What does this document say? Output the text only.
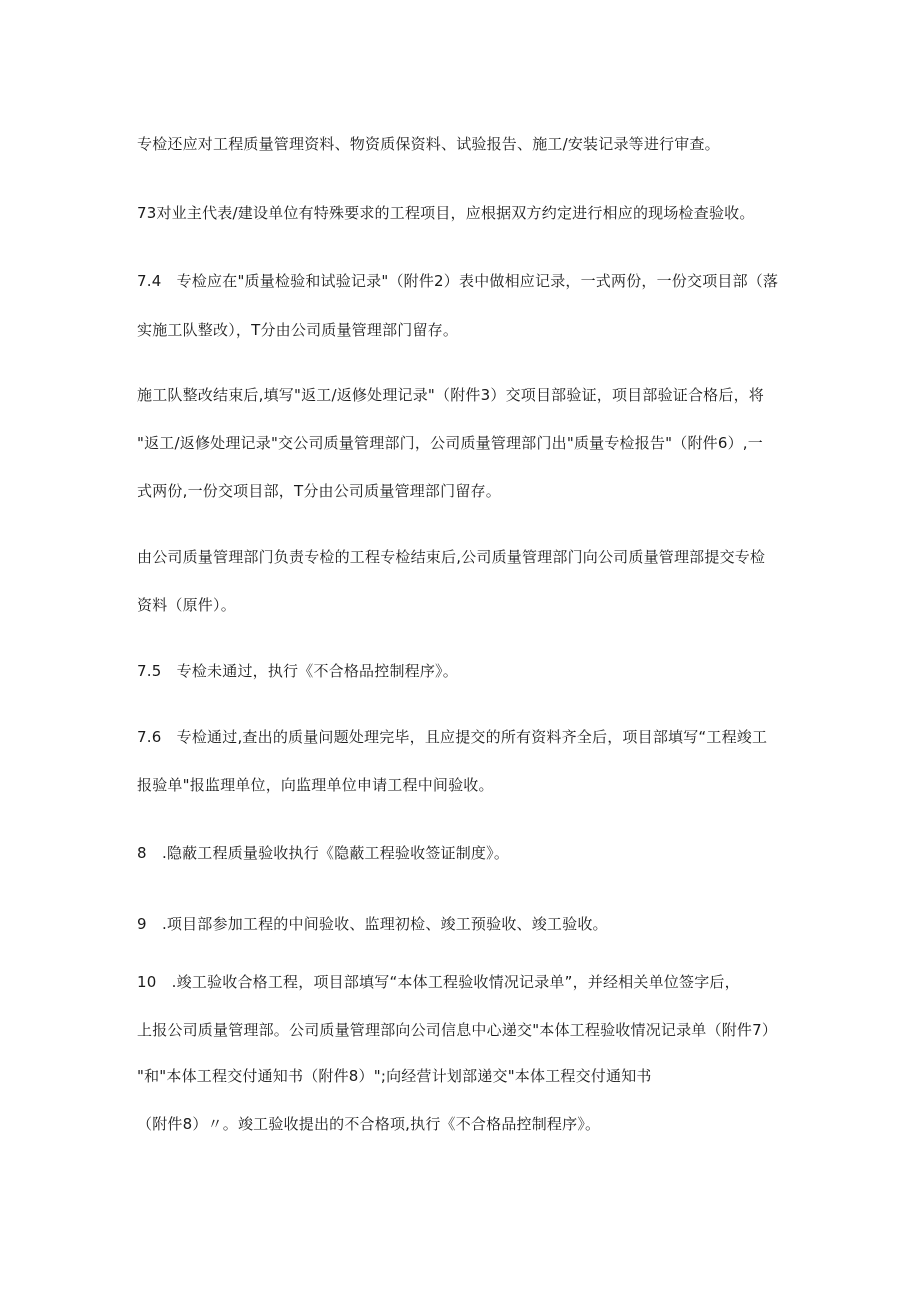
专检还应对工程质量管理资料、物资质保资料、试验报告、施工/安装记录等进行审查。
73对业主代表/建设单位有特殊要求的工程项目，应根据双方约定进行相应的现场检查验收。
7.4　专检应在"质量检验和试验记录"（附件2）表中做相应记录，一式两份，一份交项目部（落
实施工队整改），T分由公司质量管理部门留存。
施工队整改结束后,填写"返工/返修处理记录"（附件3）交项目部验证，项目部验证合格后，将
"返工/返修处理记录"交公司质量管理部门，公司质量管理部门出"质量专检报告"（附件6）,一
式两份,一份交项目部，T分由公司质量管理部门留存。
由公司质量管理部门负责专检的工程专检结束后,公司质量管理部门向公司质量管理部提交专检
资料（原件）。
7.5　专检未通过，执行《不合格品控制程序》。
7.6　专检通过,查出的质量问题处理完毕，且应提交的所有资料齐全后，项目部填写“工程竣工
报验单"报监理单位，向监理单位申请工程中间验收。
8　.隐蔽工程质量验收执行《隐蔽工程验收签证制度》。
9　.项目部参加工程的中间验收、监理初检、竣工预验收、竣工验收。
10　.竣工验收合格工程，项目部填写“本体工程验收情况记录单”，并经相关单位签字后，
上报公司质量管理部。公司质量管理部向公司信息中心递交"本体工程验收情况记录单（附件7）
"和"本体工程交付通知书（附件8）";向经营计划部递交"本体工程交付通知书
（附件8）〃。竣工验收提出的不合格项,执行《不合格品控制程序》。
